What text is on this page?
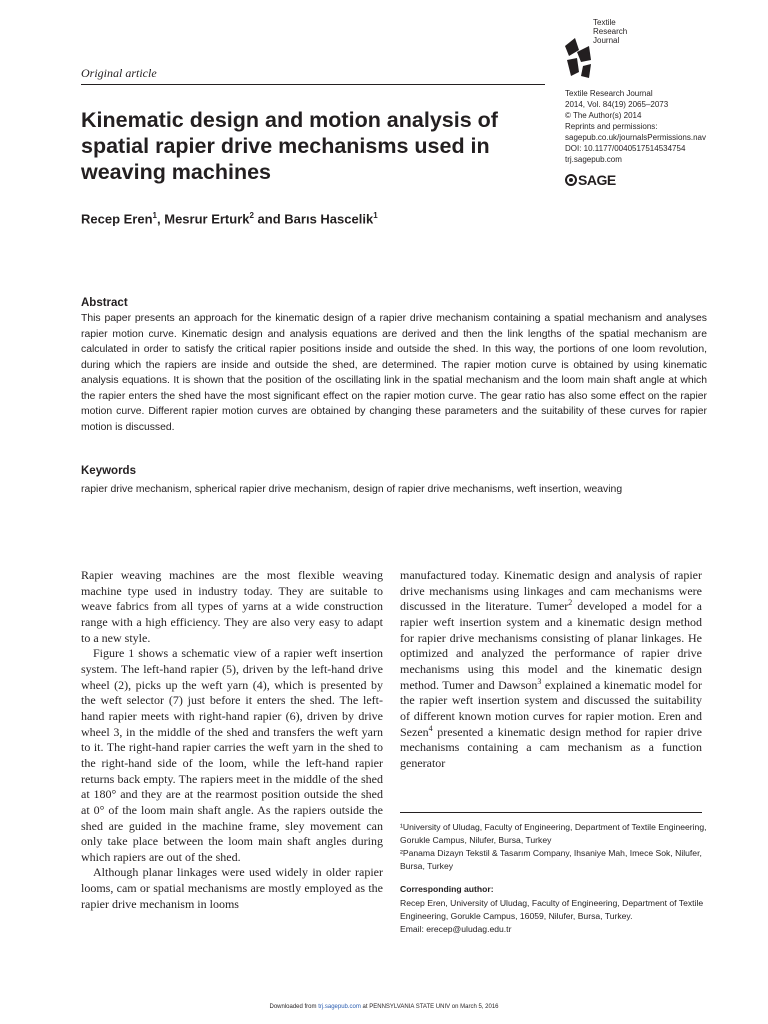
Original article
Textile
Research
Journal
Textile Research Journal
2014, Vol. 84(19) 2065–2073
© The Author(s) 2014
Reprints and permissions:
sagepub.co.uk/journalsPermissions.nav
DOI: 10.1177/0040517514534754
trj.sagepub.com
SAGE
Kinematic design and motion analysis of spatial rapier drive mechanisms used in weaving machines
Recep Eren$^1$, Mesrur Erturk$^2$ and Barıs Hascelik$^1$
Abstract
This paper presents an approach for the kinematic design of a rapier drive mechanism containing a spatial mechanism and analyses rapier motion curve. Kinematic design and analysis equations are derived and then the link lengths of the spatial mechanism are calculated in order to satisfy the critical rapier positions inside and outside the shed. In this way, the portions of one loom revolution, during which the rapiers are inside and outside the shed, are determined. The rapier motion curve is obtained by using kinematic analysis equations. It is shown that the position of the oscillating link in the spatial mechanism and the loom main shaft angle at which the rapier enters the shed have the most significant effect on the rapier motion curve. The gear ratio has also some effect on the rapier motion curve. Different rapier motion curves are obtained by changing these parameters and the suitability of these curves for rapier motion is discussed.
Keywords
rapier drive mechanism, spherical rapier drive mechanism, design of rapier drive mechanisms, weft insertion, weaving

Rapier weaving machines are the most flexible weaving machine type used in industry today. They are suitable to weave fabrics from all types of yarns at a wide construction range with a high efficiency. They are also very easy to adapt to a new style.

Figure 1 shows a schematic view of a rapier weft insertion system. The left-hand rapier (5), driven by the left-hand drive wheel (2), picks up the weft yarn (4), which is presented by the weft selector (7) just before it enters the shed. The left-hand rapier meets with right-hand rapier (6), driven by drive wheel 3, in the middle of the shed and transfers the weft yarn to it. The right-hand rapier carries the weft yarn in the shed to the right-hand side of the loom, while the left-hand rapier returns back empty. The rapiers meet in the middle of the shed at 180° and they are at the rearmost position outside the shed at 0° of the loom main shaft angle. As the rapiers outside the shed are guided in the machine frame, sley movement can only take place between the loom main shaft angles during which rapiers are out of the shed.

Although planar linkages were used widely in older rapier looms, cam or spatial mechanisms are mostly employed as the rapier drive mechanism in looms

manufactured today. Kinematic design and analysis of rapier drive mechanisms using linkages and cam mechanisms were discussed in the literature. Tumer$^2$ developed a model for a rapier weft insertion system and a kinematic design method for rapier drive mechanisms consisting of planar linkages. He optimized and analyzed the performance of rapier drive mechanisms using this model and the kinematic design method. Tumer and Dawson$^3$ explained a kinematic model for the rapier weft insertion system and discussed the suitability of different known motion curves for rapier motion. Eren and Sezen$^4$ presented a kinematic design method for rapier drive mechanisms containing a cam mechanism as a function generator

¹University of Uludag, Faculty of Engineering, Department of Textile Engineering, Gorukle Campus, Nilufer, Bursa, Turkey

²Panama Dizayn Tekstil & Tasarım Company, Ihsaniye Mah, Imece Sok, Nilufer, Bursa, Turkey

Corresponding author:
Recep Eren, University of Uludag, Faculty of Engineering, Department of Textile Engineering, Gorukle Campus, 16059, Nilufer, Bursa, Turkey.
Email: erecep@uludag.edu.tr
Downloaded from trj.sagepub.com at PENNSYLVANIA STATE UNIV on March 5, 2016
